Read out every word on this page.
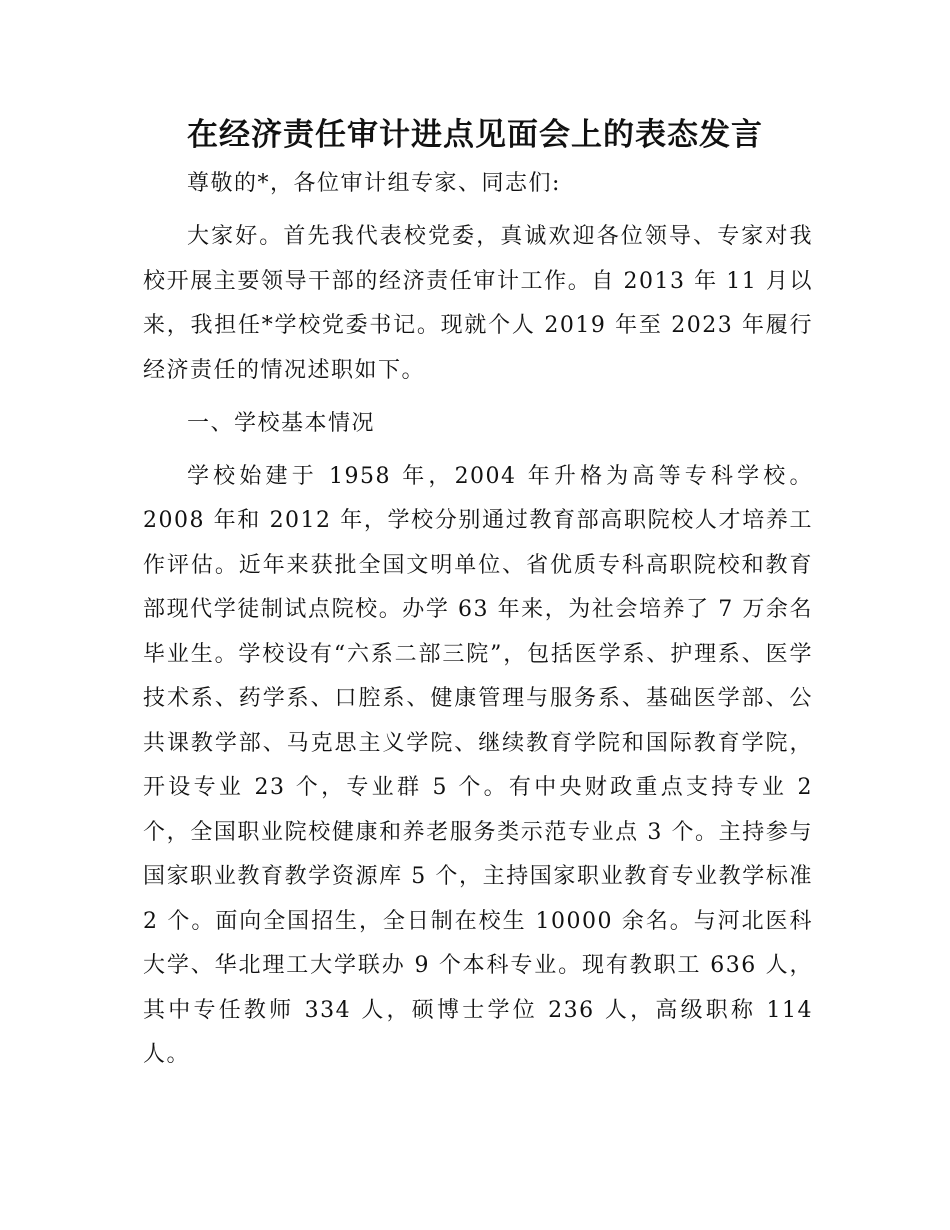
在经济责任审计进点见面会上的表态发言

尊敬的*，各位审计组专家、同志们:

大家好。首先我代表校党委，真诚欢迎各位领导、专家对我校开展主要领导干部的经济责任审计工作。自 2013 年 11 月以来，我担任*学校党委书记。现就个人 2019 年至 2023 年履行经济责任的情况述职如下。

一、学校基本情况

学校始建于 1958 年，2004 年升格为高等专科学校。2008 年和 2012 年，学校分别通过教育部高职院校人才培养工作评估。近年来获批全国文明单位、省优质专科高职院校和教育部现代学徒制试点院校。办学 63 年来，为社会培养了 7 万余名毕业生。学校设有“六系二部三院”，包括医学系、护理系、医学技术系、药学系、口腔系、健康管理与服务系、基础医学部、公共课教学部、马克思主义学院、继续教育学院和国际教育学院，开设专业 23 个，专业群 5 个。有中央财政重点支持专业 2 个，全国职业院校健康和养老服务类示范专业点 3 个。主持参与国家职业教育教学资源库 5 个，主持国家职业教育专业教学标准 2 个。面向全国招生，全日制在校生 10000 余名。与河北医科大学、华北理工大学联办 9 个本科专业。现有教职工 636 人，其中专任教师 334 人，硕博士学位 236 人，高级职称 114 人。
